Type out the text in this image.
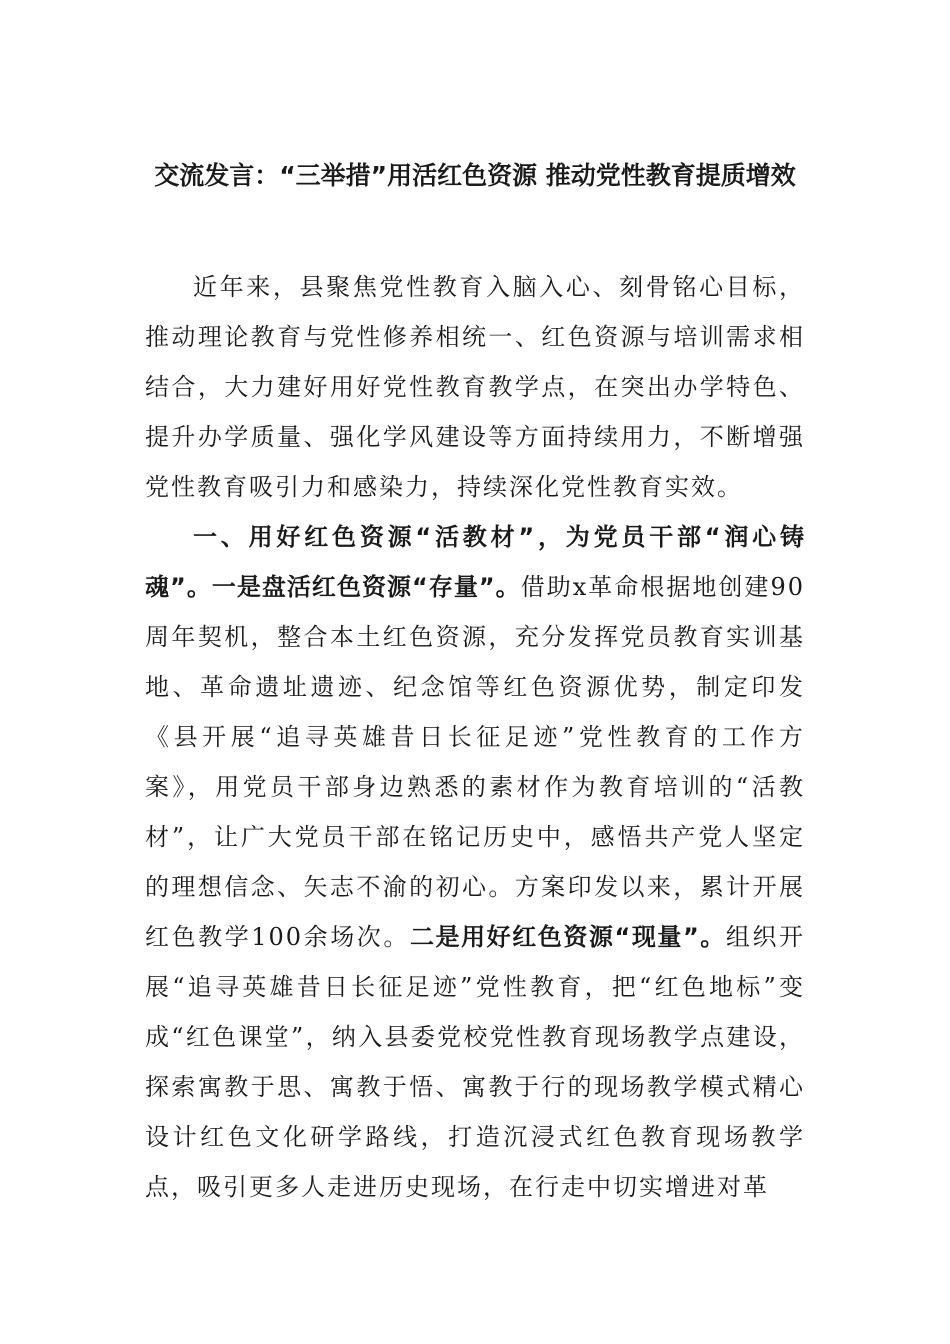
交流发言：“三举措”用活红色资源 推动党性教育提质增效

近年来，县聚焦党性教育入脑入心、刻骨铭心目标，推动理论教育与党性修养相统一、红色资源与培训需求相结合，大力建好用好党性教育教学点，在突出办学特色、提升办学质量、强化学风建设等方面持续用力，不断增强党性教育吸引力和感染力，持续深化党性教育实效。

一、用好红色资源“活教材”，为党员干部“润心铸魂”。一是盘活红色资源“存量”。借助x革命根据地创建90周年契机，整合本土红色资源，充分发挥党员教育实训基地、革命遗址遗迹、纪念馆等红色资源优势，制定印发《县开展“追寻英雄昔日长征足迹”党性教育的工作方案》，用党员干部身边熟悉的素材作为教育培训的“活教材”，让广大党员干部在铭记历史中，感悟共产党人坚定的理想信念、矢志不渝的初心。方案印发以来，累计开展红色教学100余场次。二是用好红色资源“现量”。组织开展“追寻英雄昔日长征足迹”党性教育，把“红色地标”变成“红色课堂”，纳入县委党校党性教育现场教学点建设，探索寓教于思、寓教于悟、寓教于行的现场教学模式精心设计红色文化研学路线，打造沉浸式红色教育现场教学点，吸引更多人走进历史现场，在行走中切实增进对革
